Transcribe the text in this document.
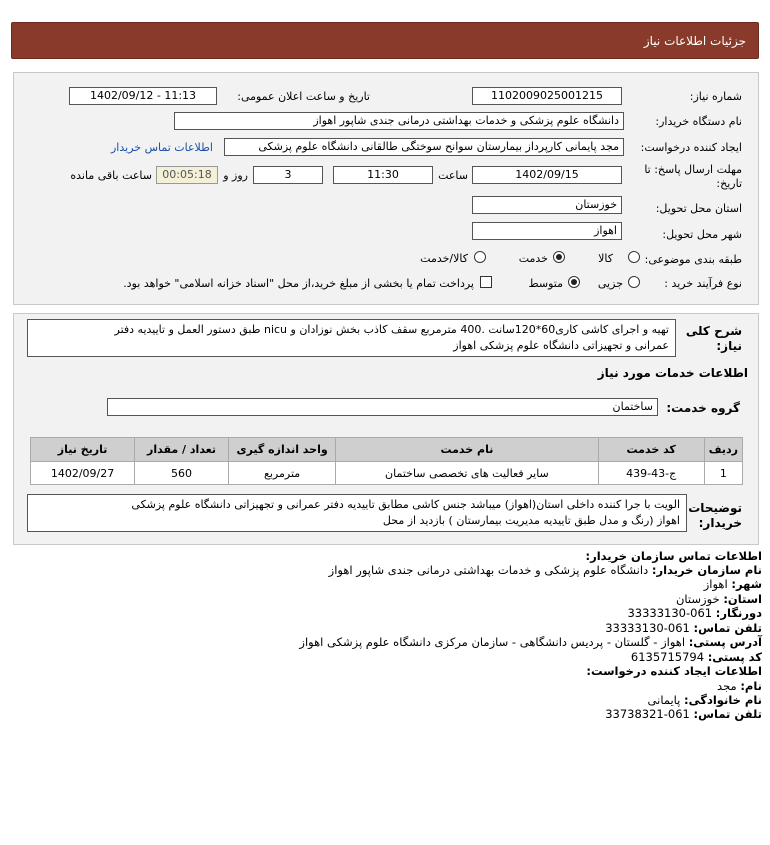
جزئیات اطلاعات نیاز
شماره نیاز:
1102009025001215
تاریخ و ساعت اعلان عمومی:
1402/09/12 - 11:13
نام دستگاه خریدار:
دانشگاه علوم پزشکی و خدمات بهداشتی درمانی جندی شاپور اهواز
ایجاد کننده درخواست:
مجد پایمانی کارپرداز بیمارستان سوانح سوختگی طالقانی دانشگاه علوم پزشکی
اطلاعات تماس خریدار
مهلت ارسال پاسخ: تا
تاریخ:
1402/09/15
ساعت
11:30
3
روز و
00:05:18
ساعت باقی مانده
استان محل تحویل:
خوزستان
شهر محل تحویل:
اهواز
طبقه بندی موضوعی:
کالا
خدمت
کالا/خدمت
نوع فرآیند خرید :
جزیی
متوسط
پرداخت تمام یا بخشی از مبلغ خرید،از محل "اسناد خزانه اسلامی" خواهد بود.
شرح کلی
نیاز:
تهیه و اجرای کاشی کاری60*120سانت .400 مترمربع سقف کاذب بخش نوزادان و nicu طبق دستور العمل و تاییدیه دفتر
عمرانی و تجهیزاتی دانشگاه علوم پزشکی اهواز
اطلاعات خدمات مورد نیاز
گروه خدمت:
ساختمان
ردیف	کد خدمت	نام خدمت	واحد اندازه گیری	تعداد / مقدار	تاریخ نیاز
1	ج-43-439	سایر فعالیت های تخصصی ساختمان	مترمربع	560	1402/09/27
توضیحات
خریدار:
الویت با جرا کننده داخلی استان(اهواز) میباشد جنس کاشی مطابق تاییدیه دفتر عمرانی و تجهیزاتی دانشگاه علوم پزشکی
اهواز (رنگ و مدل طبق تاییدیه مدیریت بیمارستان ) بازدید از محل
اطلاعات تماس سازمان خریدار:
نام سازمان خریدار: دانشگاه علوم پزشکی و خدمات بهداشتی درمانی جندی شاپور اهواز
شهر: اهواز
استان: خوزستان
دورنگار: 061-33333130
تلفن تماس: 061-33333130
آدرس پستی: اهواز - گلستان - پردیس دانشگاهی - سازمان مرکزی دانشگاه علوم پزشکی اهواز
کد پستی: 6135715794
اطلاعات ایجاد کننده درخواست:
نام: مجد
نام خانوادگی: پایمانی
تلفن تماس: 061-33738321
